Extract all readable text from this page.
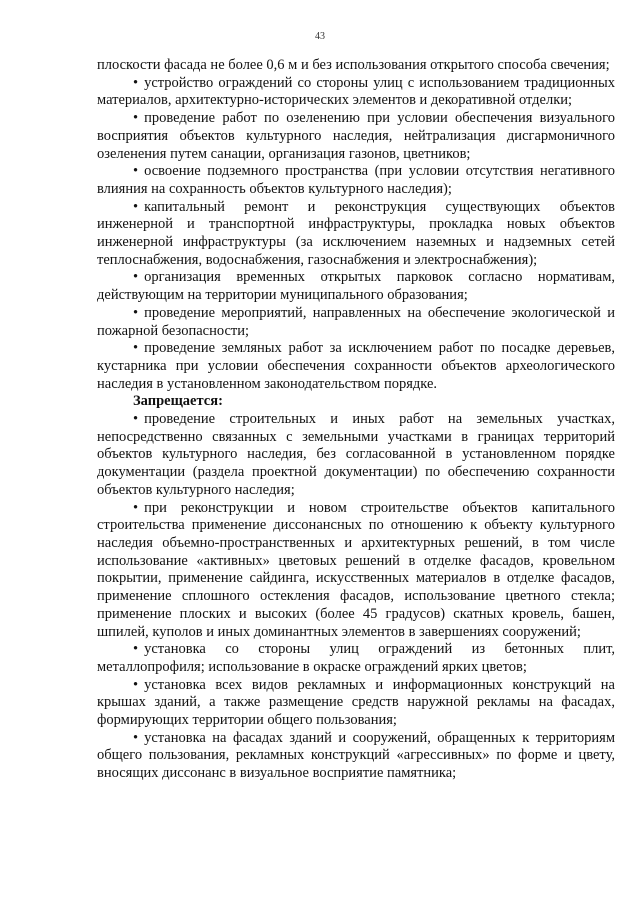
43

плоскости фасада не более 0,6 м и без использования открытого способа свечения;

• устройство ограждений со стороны улиц с использованием традиционных материалов, архитектурно-исторических элементов и декоративной отделки;

• проведение работ по озеленению при условии обеспечения визуального восприятия объектов культурного наследия, нейтрализация дисгармоничного озеленения путем санации, организация газонов, цветников;

• освоение подземного пространства (при условии отсутствия негативного влияния на сохранность объектов культурного наследия);

• капитальный ремонт и реконструкция существующих объектов инженерной и транспортной инфраструктуры, прокладка новых объектов инженерной инфраструктуры (за исключением наземных и надземных сетей теплоснабжения, водоснабжения, газоснабжения и электроснабжения);

• организация временных открытых парковок согласно нормативам, действующим на территории муниципального образования;

• проведение мероприятий, направленных на обеспечение экологической и пожарной безопасности;

• проведение земляных работ за исключением работ по посадке деревьев, кустарника при условии обеспечения сохранности объектов археологического наследия в установленном законодательством порядке.

Запрещается:

• проведение строительных и иных работ на земельных участках, непосредственно связанных с земельными участками в границах территорий объектов культурного наследия, без согласованной в установленном порядке документации (раздела проектной документации) по обеспечению сохранности объектов культурного наследия;

• при реконструкции и новом строительстве объектов капитального строительства применение диссонансных по отношению к объекту культурного наследия объемно-пространственных и архитектурных решений, в том числе использование «активных» цветовых решений в отделке фасадов, кровельном покрытии, применение сайдинга, искусственных материалов в отделке фасадов, применение сплошного остекления фасадов, использование цветного стекла; применение плоских и высоких (более 45 градусов) скатных кровель, башен, шпилей, куполов и иных доминантных элементов в завершениях сооружений;

• установка со стороны улиц ограждений из бетонных плит, металлопрофиля; использование в окраске ограждений ярких цветов;

• установка всех видов рекламных и информационных конструкций на крышах зданий, а также размещение средств наружной рекламы на фасадах, формирующих территории общего пользования;

• установка на фасадах зданий и сооружений, обращенных к территориям общего пользования, рекламных конструкций «агрессивных» по форме и цвету, вносящих диссонанс в визуальное восприятие памятника;
